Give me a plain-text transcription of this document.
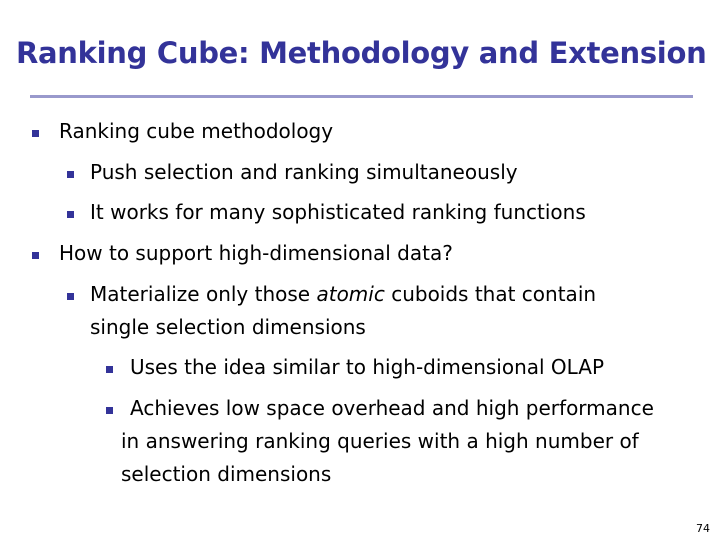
Ranking Cube: Methodology and Extension
Ranking cube methodology
Push selection and ranking simultaneously
It works for many sophisticated ranking functions
How to support high-dimensional data?
Materialize only those atomic cuboids that contain
single selection dimensions
Uses the idea similar to high-dimensional OLAP
Achieves low space overhead and high performance
in answering ranking queries with a high number of
selection dimensions
74
